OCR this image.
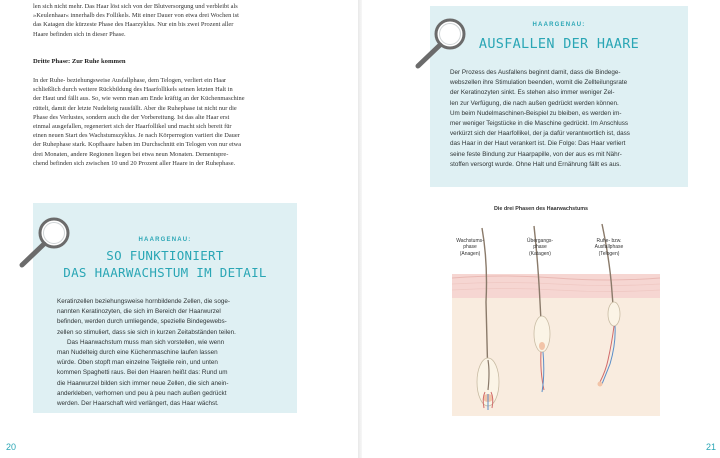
len sich nicht mehr. Das Haar löst sich von der Blutversorgung und verbleibt als

»Keulenhaar« innerhalb des Follikels. Mit einer Dauer von etwa drei Wochen ist

das Katagen die kürzeste Phase des Haarzyklus. Nur ein bis zwei Prozent aller

Haare befinden sich in dieser Phase.

Dritte Phase: Zur Ruhe kommen

In der Ruhe- beziehungsweise Ausfallphase, dem Telogen, verliert ein Haar

schließlich durch weitere Rückbildung des Haarfollikels seinen letzten Halt in

der Haut und fällt aus. So, wie wenn man am Ende kräftig an der Küchenmaschine

rüttelt, damit der letzte Nudelteig rausfällt. Aber die Ruhephase ist nicht nur die

Phase des Verlustes, sondern auch die der Vorbereitung. Ist das alte Haar erst

einmal ausgefallen, regeneriert sich der Haarfollikel und macht sich bereit für

einen neuen Start des Wachstumszyklus. Je nach Körperregion variiert die Dauer

der Ruhephase stark. Kopfhaare haben im Durchschnitt ein Telogen von nur etwa

drei Monaten, andere Regionen liegen bei etwa neun Monaten. Dementspre-

chend befinden sich zwischen 10 und 20 Prozent aller Haare in der Ruhephase.

HAARGENAU:
SO FUNKTIONIERT
DAS HAARWACHSTUM IM DETAIL

Keratinzellen beziehungsweise hornbildende Zellen, die soge-

nannten Keratinozyten, die sich im Bereich der Haarwurzel

befinden, werden durch umliegende, spezielle Bindegewebs-

zellen so stimuliert, dass sie sich in kurzen Zeitabständen teilen.

Das Haarwachstum muss man sich vorstellen, wie wenn

man Nudelteig durch eine Küchenmaschine laufen lassen

würde. Oben stopft man einzelne Teigteile rein, und unten

kommen Spaghetti raus. Bei den Haaren heißt das: Rund um

die Haarwurzel bilden sich immer neue Zellen, die sich anein-

anderkleben, verhornen und peu à peu nach außen gedrückt

werden. Der Haarschaft wird verlängert, das Haar wächst.

20
HAARGENAU:
AUSFALLEN DER HAARE

Der Prozess des Ausfallens beginnt damit, dass die Bindege-

webszellen ihre Stimulation beenden, womit die Zellteilungsrate

der Keratinozyten sinkt. Es stehen also immer weniger Zel-

len zur Verfügung, die nach außen gedrückt werden können.

Um beim Nudelmaschinen-Beispiel zu bleiben, es werden im-

mer weniger Teigstücke in die Maschine gedrückt. Im Anschluss

verkürzt sich der Haarfollikel, der ja dafür verantwortlich ist, dass

das Haar in der Haut verankert ist. Die Folge: Das Haar verliert

seine feste Bindung zur Haarpapille, von der aus es mit Nähr-

stoffen versorgt wurde. Ohne Halt und Ernährung fällt es aus.

Die drei Phasen des Haarwachstums
Wachstums-
phase
(Anagen)
Übergangs-
phase
(Katagen)
Ruhe- bzw.
Ausfallphase
(Telogen)
21
